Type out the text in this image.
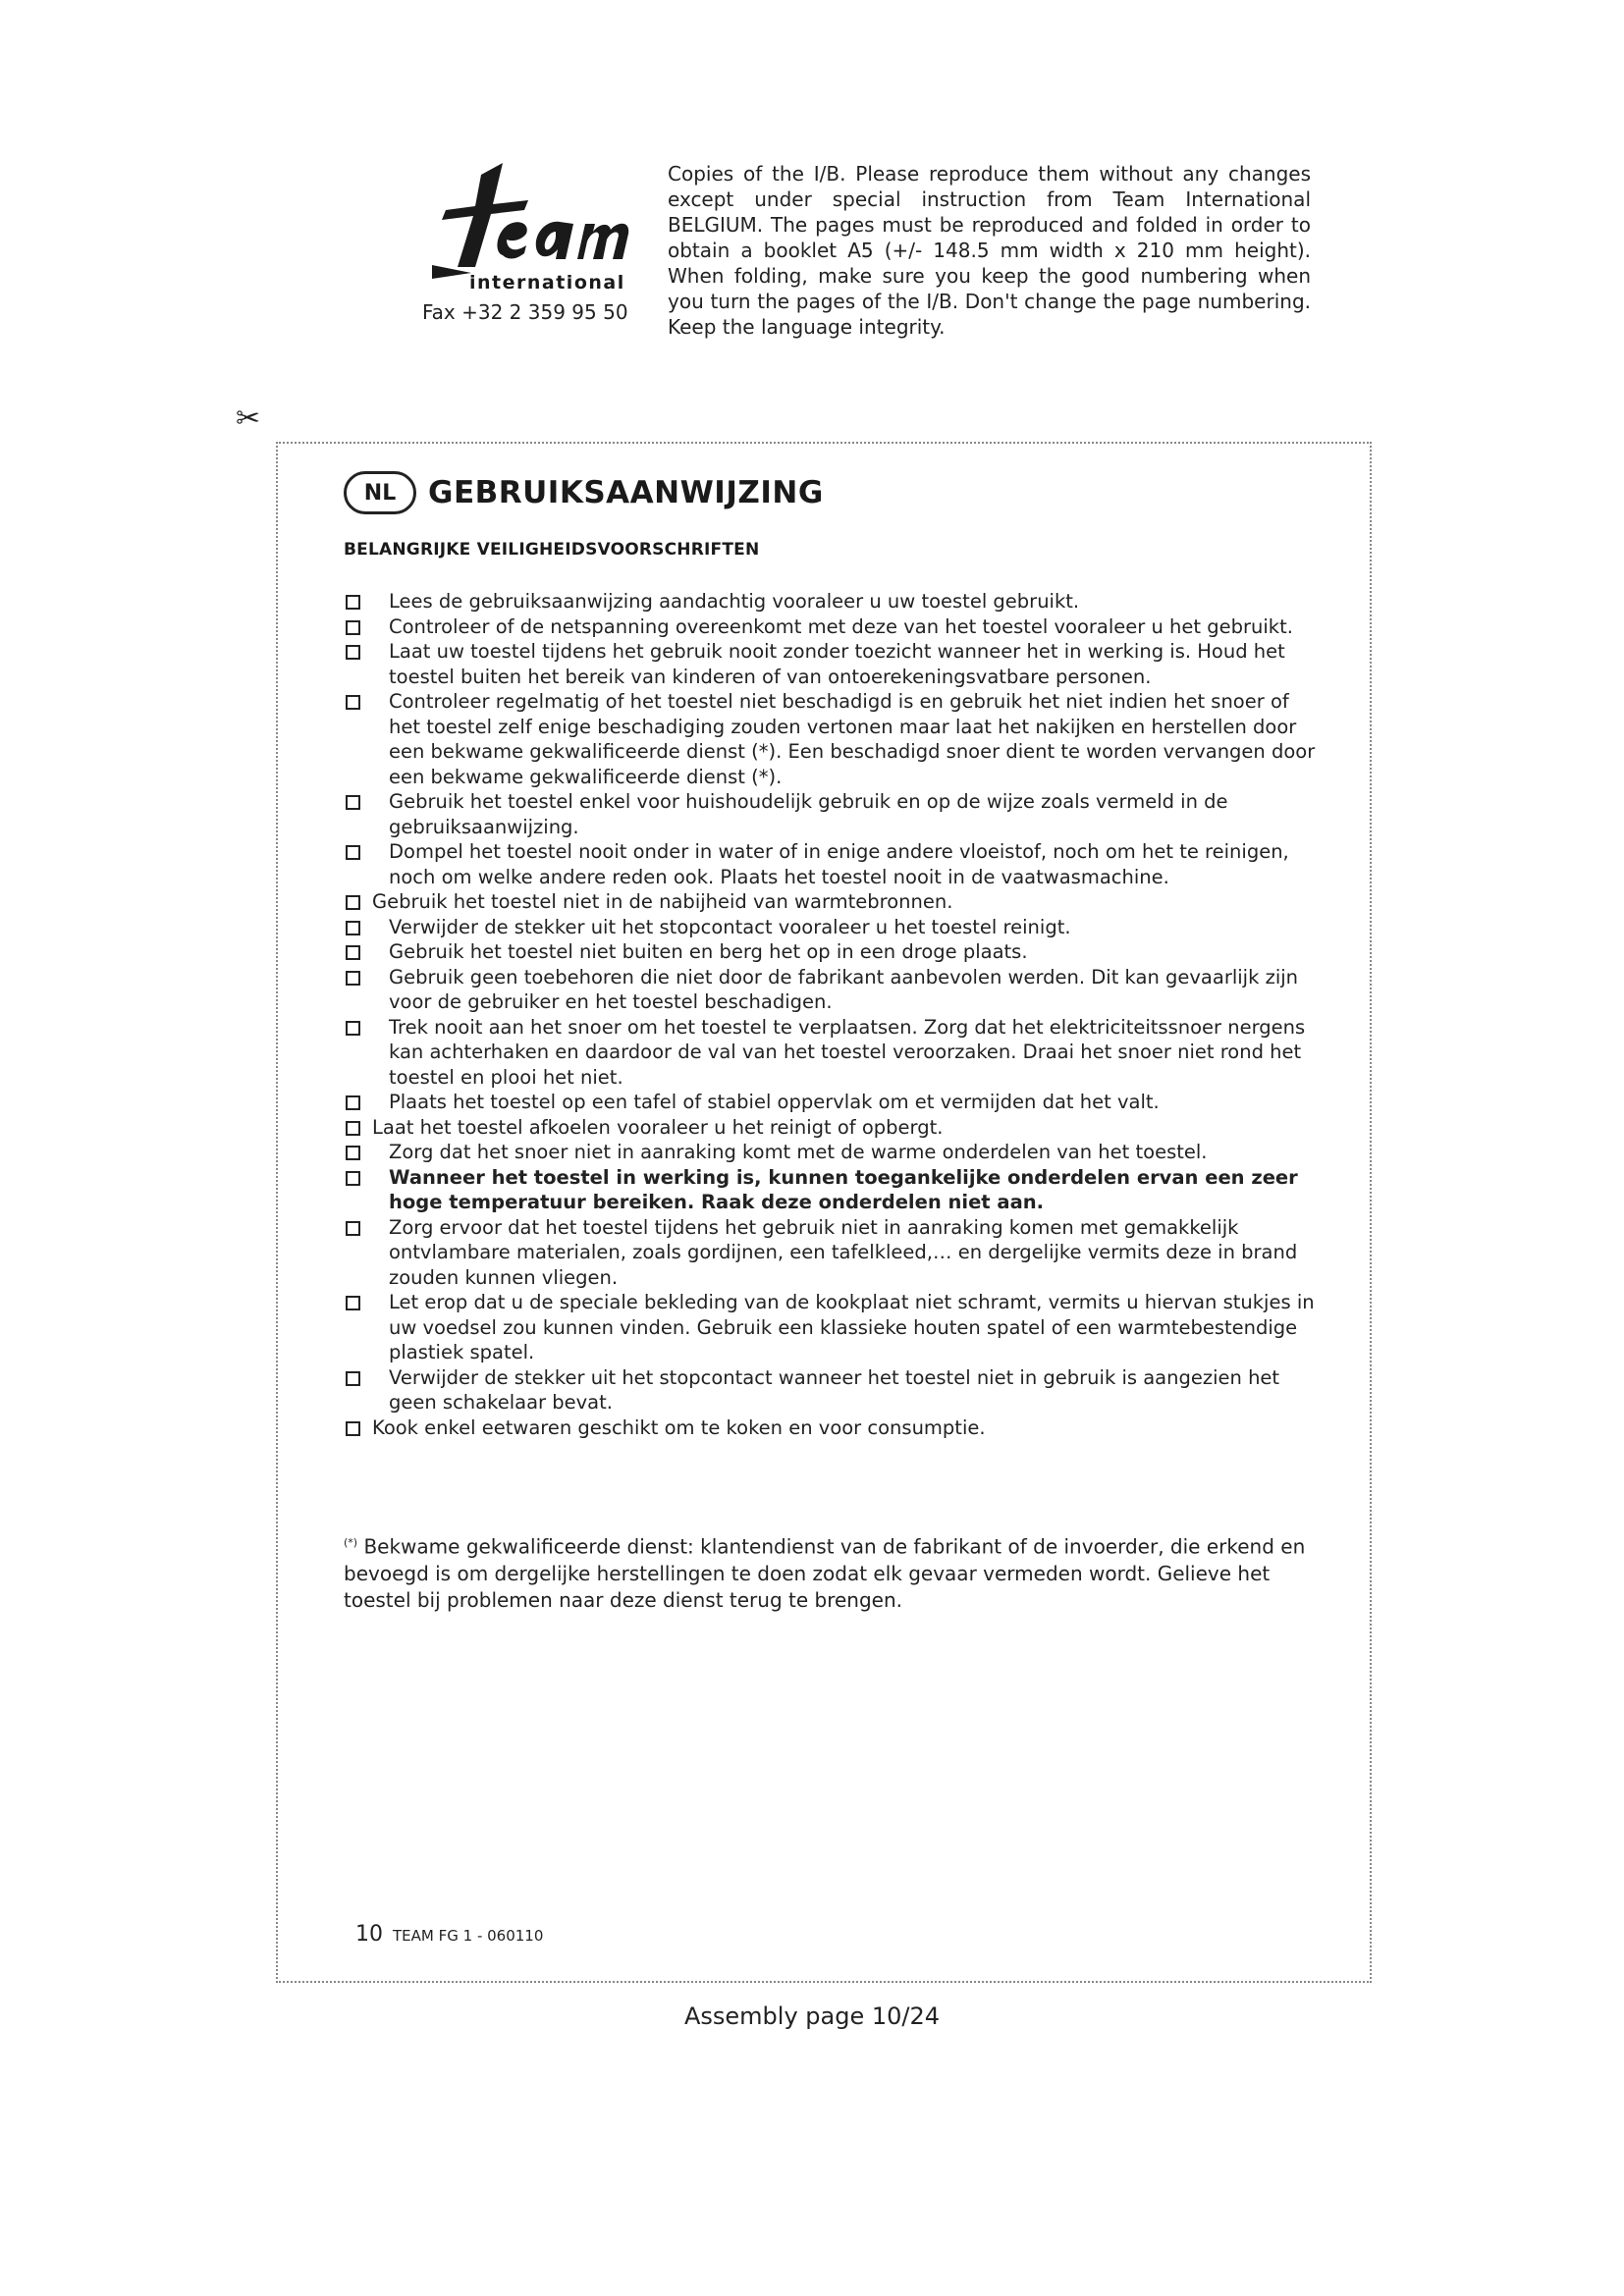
international
Fax +32 2 359 95 50
Copies of the I/B. Please reproduce them without any changes except under special instruction from Team International BELGIUM. The pages must be reproduced and folded in order to obtain a booklet A5 (+/- 148.5 mm width x 210 mm height). When folding, make sure you keep the good numbering when you turn the pages of the I/B. Don't change the page numbering. Keep the language integrity.
✂
NL	GEBRUIKSAANWIJZING
BELANGRIJKE VEILIGHEIDSVOORSCHRIFTEN
Lees de gebruiksaanwijzing aandachtig vooraleer u uw toestel gebruikt.
Controleer of de netspanning overeenkomt met deze van het toestel vooraleer u het gebruikt.
Laat uw toestel tijdens het gebruik nooit zonder toezicht wanneer het in werking is. Houd het toestel buiten het bereik van kinderen of van ontoerekeningsvatbare personen.
Controleer regelmatig of het toestel niet beschadigd is en gebruik het niet indien het snoer of het toestel zelf enige beschadiging zouden vertonen maar laat het nakijken en herstellen door een bekwame gekwalificeerde dienst (*). Een beschadigd snoer dient te worden vervangen door een bekwame gekwalificeerde dienst (*).
Gebruik het toestel enkel voor huishoudelijk gebruik en op de wijze zoals vermeld in de gebruiksaanwijzing.
Dompel het toestel nooit onder in water of in enige andere vloeistof, noch om het te reinigen, noch om welke andere reden ook. Plaats het toestel nooit in de vaatwasmachine.
Gebruik het toestel niet in de nabijheid van warmtebronnen.
Verwijder de stekker uit het stopcontact vooraleer u het toestel reinigt.
Gebruik het toestel niet buiten en berg het op in een droge plaats.
Gebruik geen toebehoren die niet door de fabrikant aanbevolen werden. Dit kan gevaarlijk zijn voor de gebruiker en het toestel beschadigen.
Trek nooit aan het snoer om het toestel te verplaatsen. Zorg dat het elektriciteitssnoer nergens kan achterhaken en daardoor de val van het toestel veroorzaken. Draai het snoer niet rond het toestel en plooi het niet.
Plaats het toestel op een tafel of stabiel oppervlak om et vermijden dat het valt.
Laat het toestel afkoelen vooraleer u het reinigt of opbergt.
Zorg dat het snoer niet in aanraking komt met de warme onderdelen van het toestel.
Wanneer het toestel in werking is, kunnen toegankelijke onderdelen ervan een zeer hoge temperatuur bereiken. Raak deze onderdelen niet aan.
Zorg ervoor dat het toestel tijdens het gebruik niet in aanraking komen met gemakkelijk ontvlambare materialen, zoals gordijnen, een tafelkleed,… en dergelijke vermits deze in brand zouden kunnen vliegen.
Let erop dat u de speciale bekleding van de kookplaat niet schramt, vermits u hiervan stukjes in uw voedsel zou kunnen vinden. Gebruik een klassieke houten spatel of een warmtebestendige plastiek spatel.
Verwijder de stekker uit het stopcontact wanneer het toestel niet in gebruik is aangezien het geen schakelaar bevat.
Kook enkel eetwaren geschikt om te koken en voor consumptie.
(*) Bekwame gekwalificeerde dienst: klantendienst van de fabrikant of de invoerder, die erkend en bevoegd is om dergelijke herstellingen te doen zodat elk gevaar vermeden wordt. Gelieve het toestel bij problemen naar deze dienst terug te brengen.
10 TEAM FG 1 - 060110
Assembly page 10/24
